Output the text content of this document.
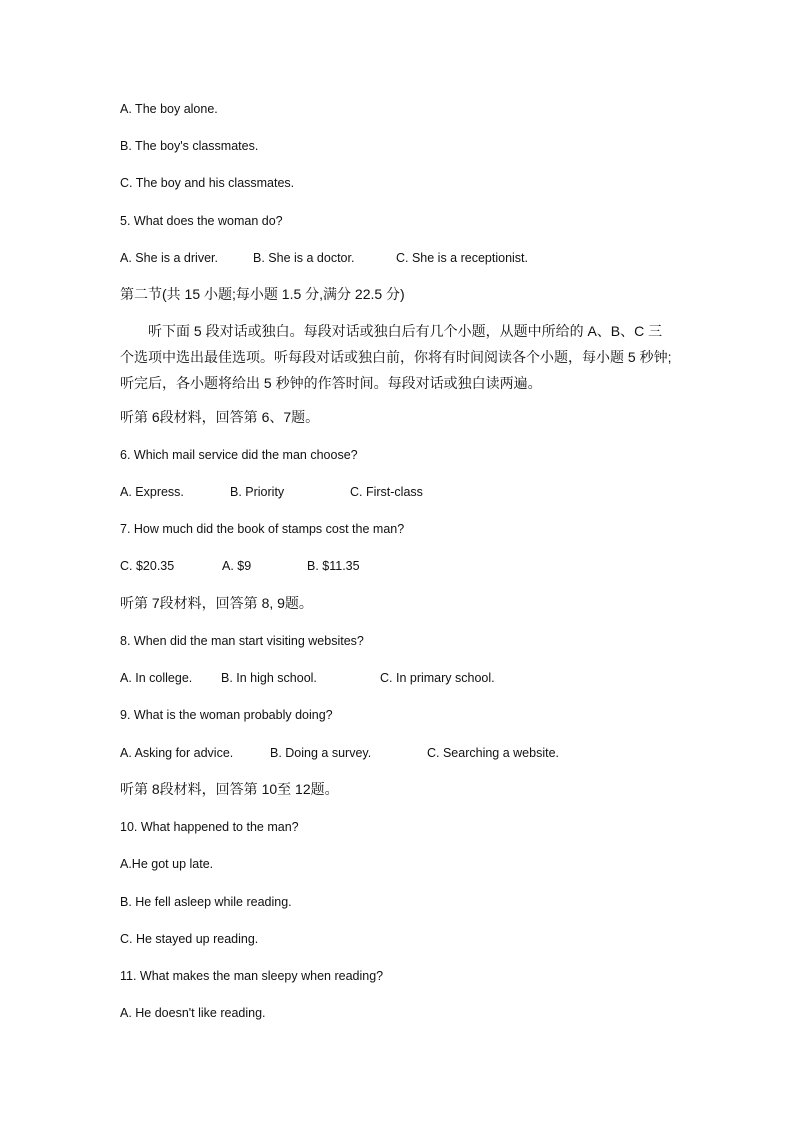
A. The boy alone.
B. The boy's classmates.
C. The boy and his classmates.
5. What does the woman do?
A. She is a driver.	B. She is a doctor.	C. She is a receptionist.
第二节(共 15 小题;每小题 1.5 分,满分 22.5 分)

听下面 5 段对话或独白。每段对话或独白后有几个小题，从题中所给的 A、B、C 三个选项中选出最佳选项。听每段对话或独白前，你将有时间阅读各个小题，每小题 5 秒钟;听完后，各小题将给出 5 秒钟的作答时间。每段对话或独白读两遍。

听第 6段材料，回答第 6、7题。
6. Which mail service did the man choose?
A. Express.	B. Priority	C. First-class
7. How much did the book of stamps cost the man?
C. $20.35	A. $9	B. $11.35
听第 7段材料，回答第 8, 9题。
8. When did the man start visiting websites?
A. In college. B. In high school.	C. In primary school.
9. What is the woman probably doing?
A. Asking for advice.	B. Doing a survey.	C. Searching a website.
听第 8段材料，回答第 10至 12题。
10. What happened to the man?
A.He got up late.
B. He fell asleep while reading.
C. He stayed up reading.
11. What makes the man sleepy when reading?
A. He doesn't like reading.
